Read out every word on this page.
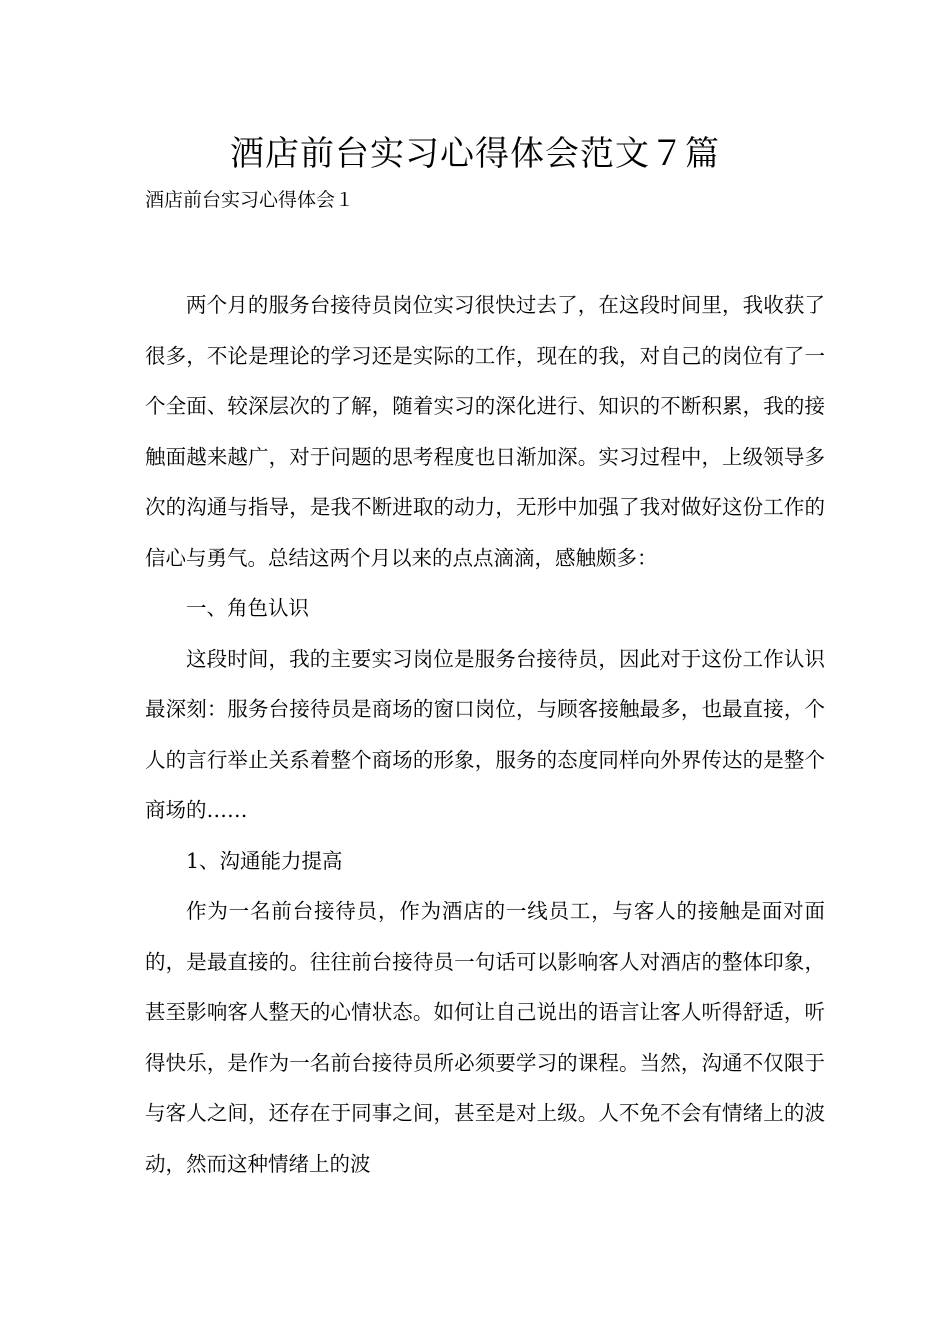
酒店前台实习心得体会范文７篇

酒店前台实习心得体会１

两个月的服务台接待员岗位实习很快过去了，在这段时间里，我收获了很多，不论是理论的学习还是实际的工作，现在的我，对自己的岗位有了一个全面、较深层次的了解，随着实习的深化进行、知识的不断积累，我的接触面越来越广，对于问题的思考程度也日渐加深。实习过程中，上级领导多次的沟通与指导，是我不断进取的动力，无形中加强了我对做好这份工作的信心与勇气。总结这两个月以来的点点滴滴，感触颇多：

一、角色认识

这段时间，我的主要实习岗位是服务台接待员，因此对于这份工作认识最深刻：服务台接待员是商场的窗口岗位，与顾客接触最多，也最直接，个人的言行举止关系着整个商场的形象，服务的态度同样向外界传达的是整个商场的……

1、沟通能力提高

作为一名前台接待员，作为酒店的一线员工，与客人的接触是面对面的，是最直接的。往往前台接待员一句话可以影响客人对酒店的整体印象，甚至影响客人整天的心情状态。如何让自己说出的语言让客人听得舒适，听得快乐，是作为一名前台接待员所必须要学习的课程。当然，沟通不仅限于与客人之间，还存在于同事之间，甚至是对上级。人不免不会有情绪上的波动，然而这种情绪上的波
